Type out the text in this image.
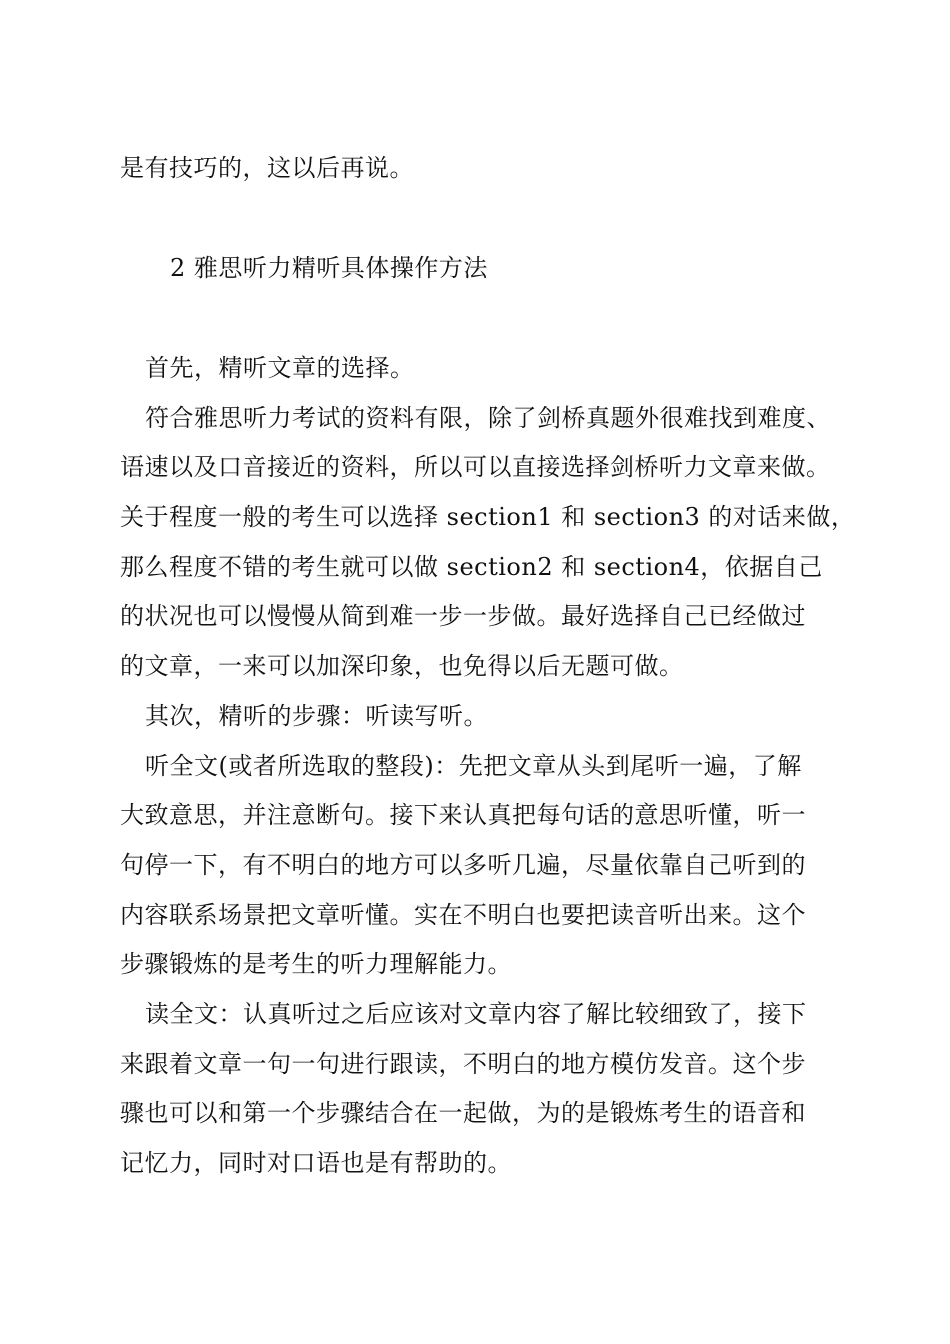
是有技巧的，这以后再说。
2 雅思听力精听具体操作方法
首先，精听文章的选择。
符合雅思听力考试的资料有限，除了剑桥真题外很难找到难度、
语速以及口音接近的资料，所以可以直接选择剑桥听力文章来做。
关于程度一般的考生可以选择 section1 和 section3 的对话来做，
那么程度不错的考生就可以做 section2 和 section4，依据自己
的状况也可以慢慢从简到难一步一步做。最好选择自己已经做过
的文章，一来可以加深印象，也免得以后无题可做。
其次，精听的步骤：听读写听。
听全文(或者所选取的整段)：先把文章从头到尾听一遍，了解
大致意思，并注意断句。接下来认真把每句话的意思听懂，听一
句停一下，有不明白的地方可以多听几遍，尽量依靠自己听到的
内容联系场景把文章听懂。实在不明白也要把读音听出来。这个
步骤锻炼的是考生的听力理解能力。
读全文：认真听过之后应该对文章内容了解比较细致了，接下
来跟着文章一句一句进行跟读，不明白的地方模仿发音。这个步
骤也可以和第一个步骤结合在一起做，为的是锻炼考生的语音和
记忆力，同时对口语也是有帮助的。
